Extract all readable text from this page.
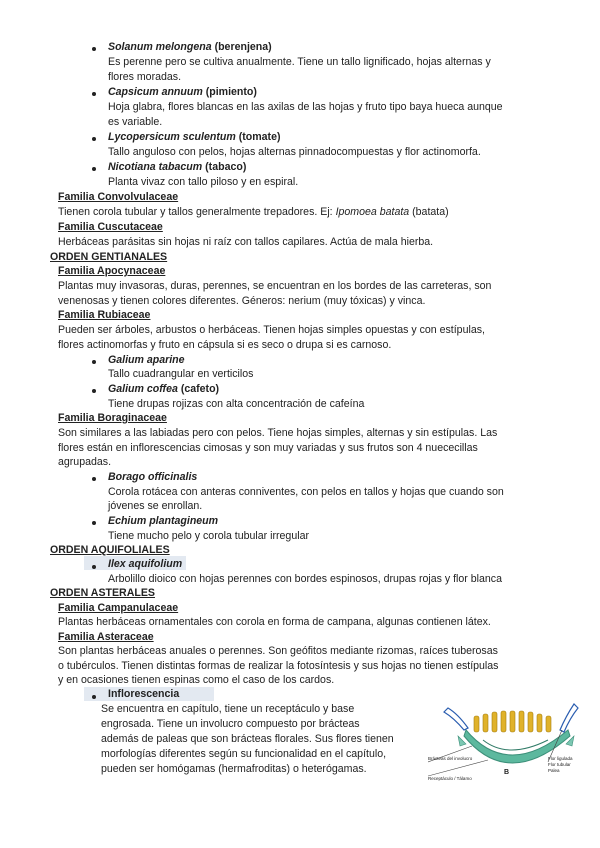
Solanum melongena (berenjena)
Es perenne pero se cultiva anualmente. Tiene un tallo lignificado, hojas alternas y
flores moradas.
Capsicum annuum (pimiento)
Hoja glabra, flores blancas en las axilas de las hojas y fruto tipo baya hueca aunque
es variable.
Lycopersicum sculentum (tomate)
Tallo anguloso con pelos, hojas alternas pinnadocompuestas y flor actinomorfa.
Nicotiana tabacum (tabaco)
Planta vivaz con tallo piloso y en espiral.
Familia Convolvulaceae
Tienen corola tubular y tallos generalmente trepadores. Ej: Ipomoea batata (batata)
Familia Cuscutaceae
Herbáceas parásitas sin hojas ni raíz con tallos capilares. Actúa de mala hierba.
ORDEN GENTIANALES
Familia Apocynaceae
Plantas muy invasoras, duras, perennes, se encuentran en los bordes de las carreteras, son
venenosas y tienen colores diferentes. Géneros: nerium (muy tóxicas) y vinca.
Familia Rubiaceae
Pueden ser árboles, arbustos o herbáceas. Tienen hojas simples opuestas y con estípulas,
flores actinomorfas y fruto en cápsula si es seco o drupa si es carnoso.
Galium aparine
Tallo cuadrangular en verticilos
Galium coffea (cafeto)
Tiene drupas rojizas con alta concentración de cafeína
Familia Boraginaceae
Son similares a las labiadas pero con pelos. Tiene hojas simples, alternas y sin estípulas. Las
flores están en inflorescencias cimosas y son muy variadas y sus frutos son 4 nuececillas
agrupadas.
Borago officinalis
Corola rotácea con anteras conniventes, con pelos en tallos y hojas que cuando son
jóvenes se enrollan.
Echium plantagineum
Tiene mucho pelo y corola tubular irregular
ORDEN AQUIFOLIALES
Ilex aquifolium
Arbolillo dioico con hojas perennes con bordes espinosos, drupas rojas y flor blanca
ORDEN ASTERALES
Familia Campanulaceae
Plantas herbáceas ornamentales con corola en forma de campana, algunas contienen látex.
Familia Asteraceae
Son plantas herbáceas anuales o perennes. Son geófitos mediante rizomas, raíces tuberosas
o tubérculos. Tienen distintas formas de realizar la fotosíntesis y sus hojas no tienen estípulas
y en ocasiones tienen espinas como el caso de los cardos.
Inflorescencia
Se encuentra en capítulo, tiene un receptáculo y base
engrosada. Tiene un involucro compuesto por brácteas
además de paleas que son brácteas florales. Sus flores tienen
morfologías diferentes según su funcionalidad en el capítulo,
pueden ser homógamas (hermafroditas) o heterógamas.
Brácteas del involucro
Receptáculo / Tálamo
Flor ligulada
Flor tubular
Palea
B
